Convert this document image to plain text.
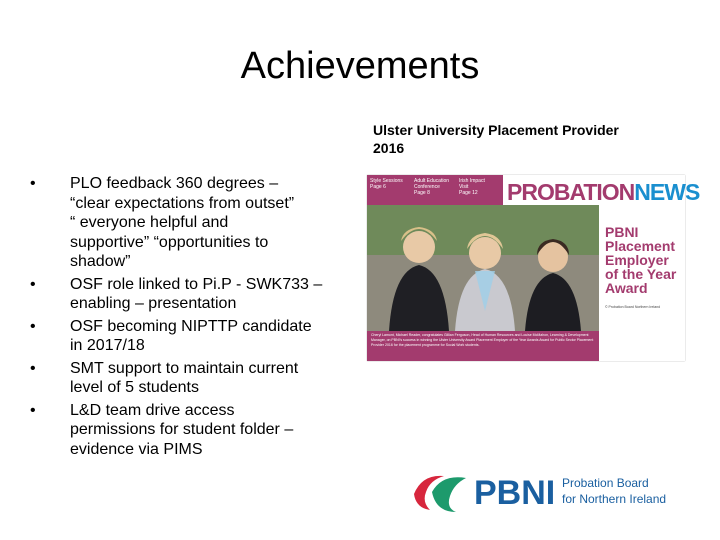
Achievements
Ulster University Placement Provider
2016
• PLO feedback 360 degrees –
“clear expectations from outset”
“ everyone helpful and
supportive” “opportunities to
shadow”
• OSF role linked to Pi.P - SWK733 –
enabling – presentation
• OSF becoming NIPTTP candidate
in 2017/18
• SMT support to maintain current
level of 5 students
• L&D team drive access
permissions for student folder –
evidence via PIMS
Style Sessions
Page 6
Adult Education
Conference
Page 8
Irish Impact
Visit
Page 12	PROBATIONNEWS
PBNI
Placement
Employer
of the Year
Award
© Probation Board Northern Ireland
Cheryl Lamont, Michael Reader, congratulates Gillian Ferguson, Head of Human Resources and Louise McMahon, Learning & Development Manager, on PBNI’s success in winning the Ulster University Award Placement Employer of the Year Awards Award for Public Sector Placement Provider 2016 for the placement programme for Social Work students.
PBNI Probation Board
for Northern Ireland
